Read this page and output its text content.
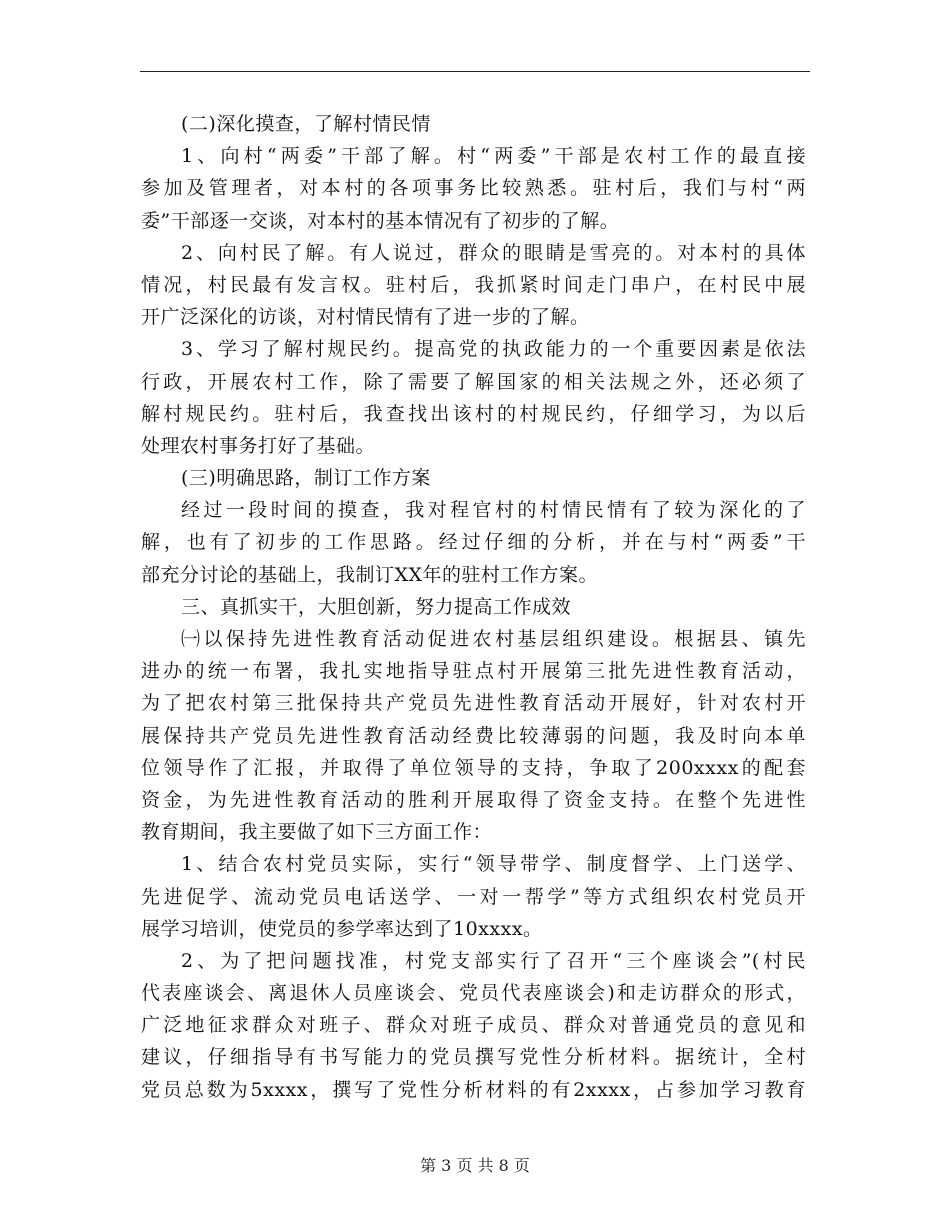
(二)深化摸查，了解村情民情
1、向村“两委”干部了解。村“两委”干部是农村工作的最直接
参加及管理者，对本村的各项事务比较熟悉。驻村后，我们与村“两
委”干部逐一交谈，对本村的基本情况有了初步的了解。
2、向村民了解。有人说过，群众的眼睛是雪亮的。对本村的具体
情况，村民最有发言权。驻村后，我抓紧时间走门串户，在村民中展
开广泛深化的访谈，对村情民情有了进一步的了解。
3、学习了解村规民约。提高党的执政能力的一个重要因素是依法
行政，开展农村工作，除了需要了解国家的相关法规之外，还必须了
解村规民约。驻村后，我查找出该村的村规民约，仔细学习，为以后
处理农村事务打好了基础。
(三)明确思路，制订工作方案
经过一段时间的摸查，我对程官村的村情民情有了较为深化的了
解，也有了初步的工作思路。经过仔细的分析，并在与村“两委”干
部充分讨论的基础上，我制订XX年的驻村工作方案。
三、真抓实干，大胆创新，努力提高工作成效
㈠以保持先进性教育活动促进农村基层组织建设。根据县、镇先
进办的统一布署，我扎实地指导驻点村开展第三批先进性教育活动，
为了把农村第三批保持共产党员先进性教育活动开展好，针对农村开
展保持共产党员先进性教育活动经费比较薄弱的问题，我及时向本单
位领导作了汇报，并取得了单位领导的支持，争取了200xxxx的配套
资金，为先进性教育活动的胜利开展取得了资金支持。在整个先进性
教育期间，我主要做了如下三方面工作：
1、结合农村党员实际，实行“领导带学、制度督学、上门送学、
先进促学、流动党员电话送学、一对一帮学”等方式组织农村党员开
展学习培训，使党员的参学率达到了10xxxx。
2、为了把问题找准，村党支部实行了召开“三个座谈会”(村民
代表座谈会、离退休人员座谈会、党员代表座谈会)和走访群众的形式，
广泛地征求群众对班子、群众对班子成员、群众对普通党员的意见和
建议，仔细指导有书写能力的党员撰写党性分析材料。据统计，全村
党员总数为5xxxx，撰写了党性分析材料的有2xxxx，占参加学习教育
第 3 页 共 8 页
